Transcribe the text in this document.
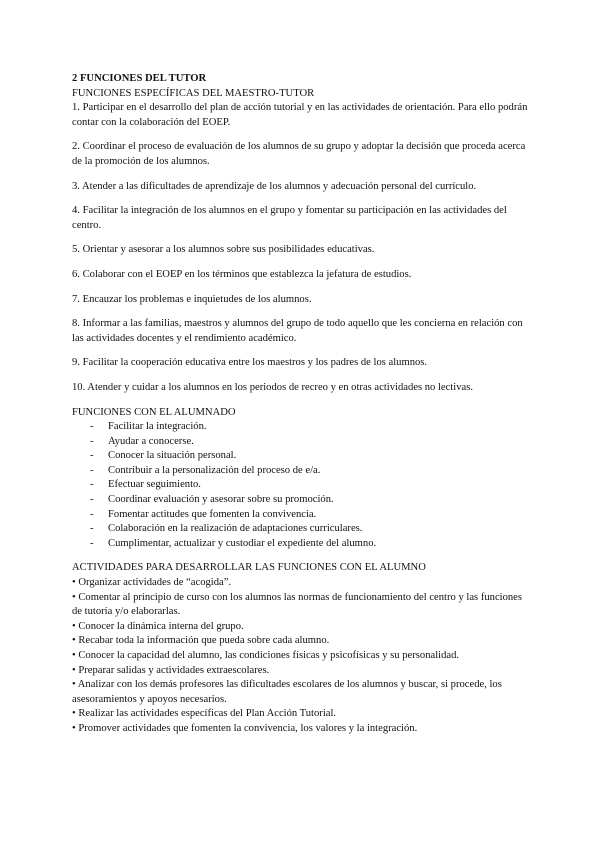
2 FUNCIONES DEL TUTOR

FUNCIONES ESPECÍFICAS DEL MAESTRO-TUTOR

1. Participar en el desarrollo del plan de acción tutorial y en las actividades de orientación. Para ello podrán contar con la colaboración del EOEP.

2. Coordinar el proceso de evaluación de los alumnos de su grupo y adoptar la decisión que proceda acerca de la promoción de los alumnos.

3. Atender a las dificultades de aprendizaje de los alumnos y adecuación personal del currículo.

4. Facilitar la integración de los alumnos en el grupo y fomentar su participación en las actividades del centro.

5. Orientar y asesorar a los alumnos sobre sus posibilidades educativas.

6. Colaborar con el EOEP en los términos que establezca la jefatura de estudios.

7. Encauzar los problemas e inquietudes de los alumnos.

8. Informar a las familias, maestros y alumnos del grupo de todo aquello que les concierna en relación con las actividades docentes y el rendimiento académico.

9. Facilitar la cooperación educativa entre los maestros y los padres de los alumnos.

10. Atender y cuidar a los alumnos en los periodos de recreo y en otras actividades no lectivas.

FUNCIONES CON EL ALUMNADO

- Facilitar la integración.
- Ayudar a conocerse.
- Conocer la situación personal.
- Contribuir a la personalización del proceso de e/a.
- Efectuar seguimiento.
- Coordinar evaluación y asesorar sobre su promoción.
- Fomentar actitudes que fomenten la convivencia.
- Colaboración en la realización de adaptaciones curriculares.
- Cumplimentar, actualizar y custodiar el expediente del alumno.

ACTIVIDADES PARA DESARROLLAR LAS FUNCIONES CON EL ALUMNO

• Organizar actividades de “acogida”.
• Comentar al principio de curso con los alumnos las normas de funcionamiento del centro y las funciones de tutoría y/o elaborarlas.
• Conocer la dinámica interna del grupo.
• Recabar toda la información que pueda sobre cada alumno.
• Conocer la capacidad del alumno, las condiciones físicas y psicofísicas y su personalidad.
• Preparar salidas y actividades extraescolares.
• Analizar con los demás profesores las dificultades escolares de los alumnos y buscar, si procede, los asesoramientos y apoyos necesarios.
• Realizar las actividades específicas del Plan Acción Tutorial.
• Promover actividades que fomenten la convivencia, los valores y la integración.
